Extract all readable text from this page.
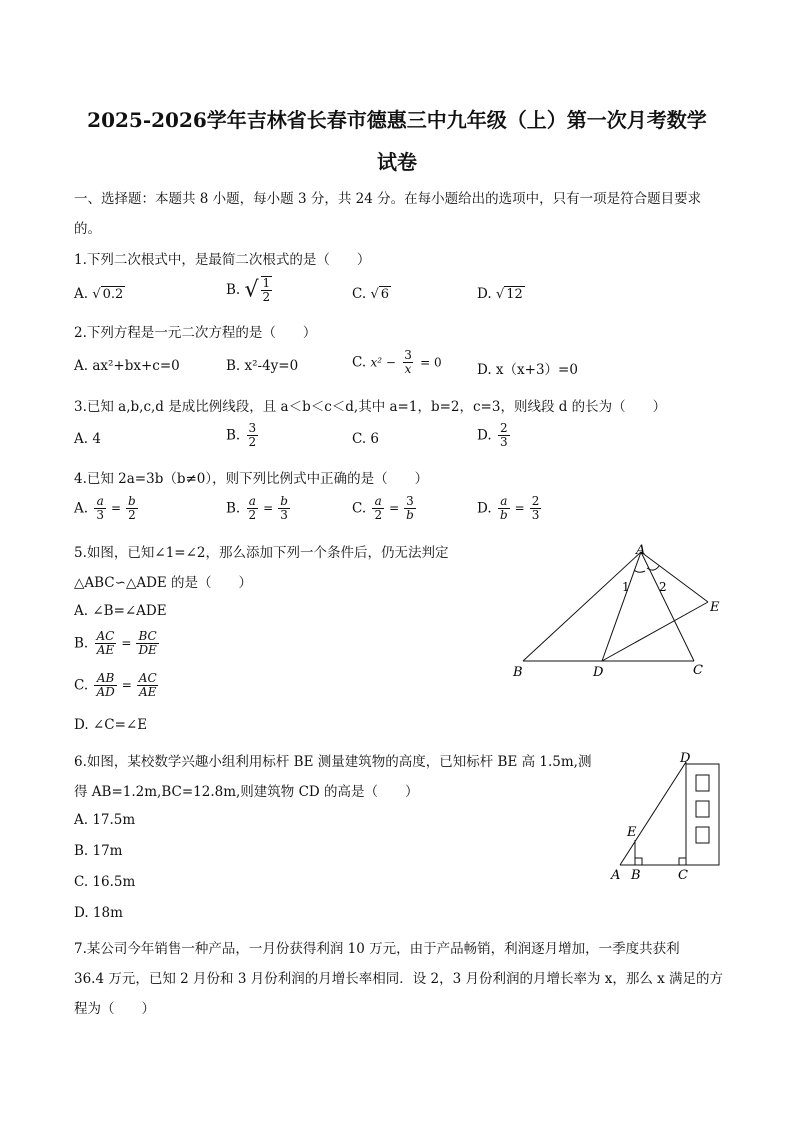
2025-2026学年吉林省长春市德惠三中九年级（上）第一次月考数学
试卷
一、选择题：本题共 8 小题，每小题 3 分，共 24 分。在每小题给出的选项中，只有一项是符合题目要求
的。
1.下列二次根式中，是最简二次根式的是（　　）
A. √ 0.2	B. √ $\frac{1}{2}$	C. √ 6	D. √ 12
2.下列方程是一元二次方程的是（　　）
A. ax²+bx+c=0	B. x²-4y=0	C. $x^2 - \frac{3}{x} = 0$	D. x（x+3）=0
3.已知 a,b,c,d 是成比例线段，且 a＜b＜c＜d,其中 a=1，b=2，c=3，则线段 d 的长为（　　）
A. 4	B. $\frac{3}{2}$	C. 6	D. $\frac{2}{3}$
4.已知 2a=3b（b≠0），则下列比例式中正确的是（　　）
A. $\frac{a}{3} = \frac{b}{2}$	B. $\frac{a}{2} = \frac{b}{3}$	C. $\frac{a}{2} = \frac{3}{b}$	D. $\frac{a}{b} = \frac{2}{3}$
5.如图，已知∠1=∠2，那么添加下列一个条件后，仍无法判定
△ABC∽△ADE 的是（　　）
A. ∠B=∠ADE
B. $\frac{AC}{AE} = \frac{BC}{DE}$
C. $\frac{AB}{AD} = \frac{AC}{AE}$
D. ∠C=∠E
A
B	C
D
E
1 2
6.如图，某校数学兴趣小组利用标杆 BE 测量建筑物的高度，已知标杆 BE 高 1.5m,测
得 AB=1.2m,BC=12.8m,则建筑物 CD 的高是（　　）
A. 17.5m
B. 17m
C. 16.5m
D. 18m
D
E
A B	C
7.某公司今年销售一种产品，一月份获得利润 10 万元，由于产品畅销，利润逐月增加，一季度共获利
36.4 万元，已知 2 月份和 3 月份利润的月增长率相同．设 2，3 月份利润的月增长率为 x，那么 x 满足的方
程为（　　）
